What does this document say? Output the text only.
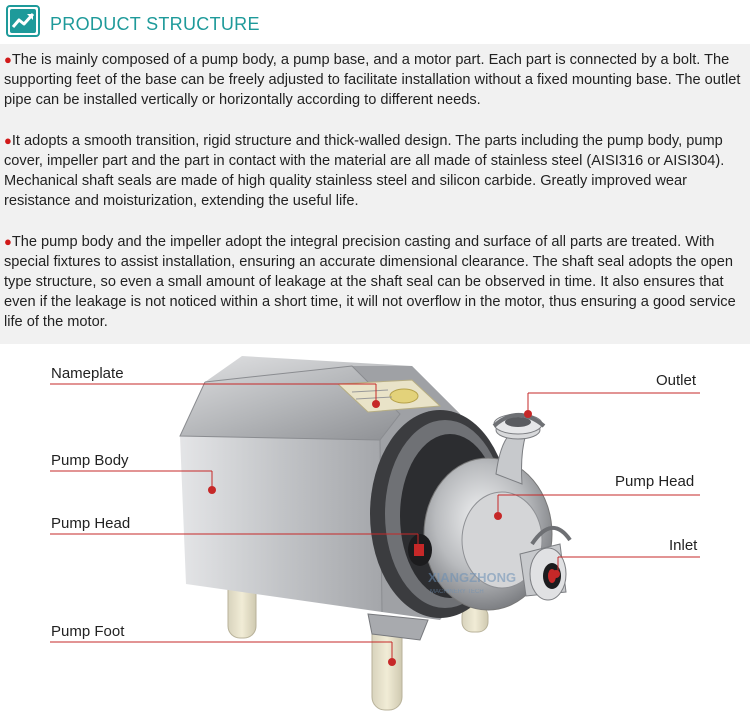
PRODUCT STRUCTURE
●The is mainly composed of a pump body, a pump base, and a motor part. Each part is connected by a bolt. The supporting feet of the base can be freely adjusted to facilitate installation without a fixed mounting base. The outlet pipe can be installed vertically or horizontally according to different needs.
●It adopts a smooth transition, rigid structure and thick-walled design. The parts including the pump body, pump cover, impeller part and the part in contact with the material are all made of stainless steel (AISI316 or AISI304). Mechanical shaft seals are made of high quality stainless steel and silicon carbide. Greatly improved wear resistance and moisturization, extending the useful life.
●The pump body and the impeller adopt the integral precision casting and surface of all parts are treated. With special fixtures to assist installation, ensuring an accurate dimensional clearance. The shaft seal adopts the open type structure, so even a small amount of leakage at the shaft seal can be observed in time. It also ensures that even if the leakage is not noticed within a short time, it will not overflow in the motor, thus ensuring a good service life of the motor.
XIANGZHONG
MACHINERY TECH
Nameplate
Pump Body
Pump Head
Pump Foot
Outlet
Pump Head
Inlet
